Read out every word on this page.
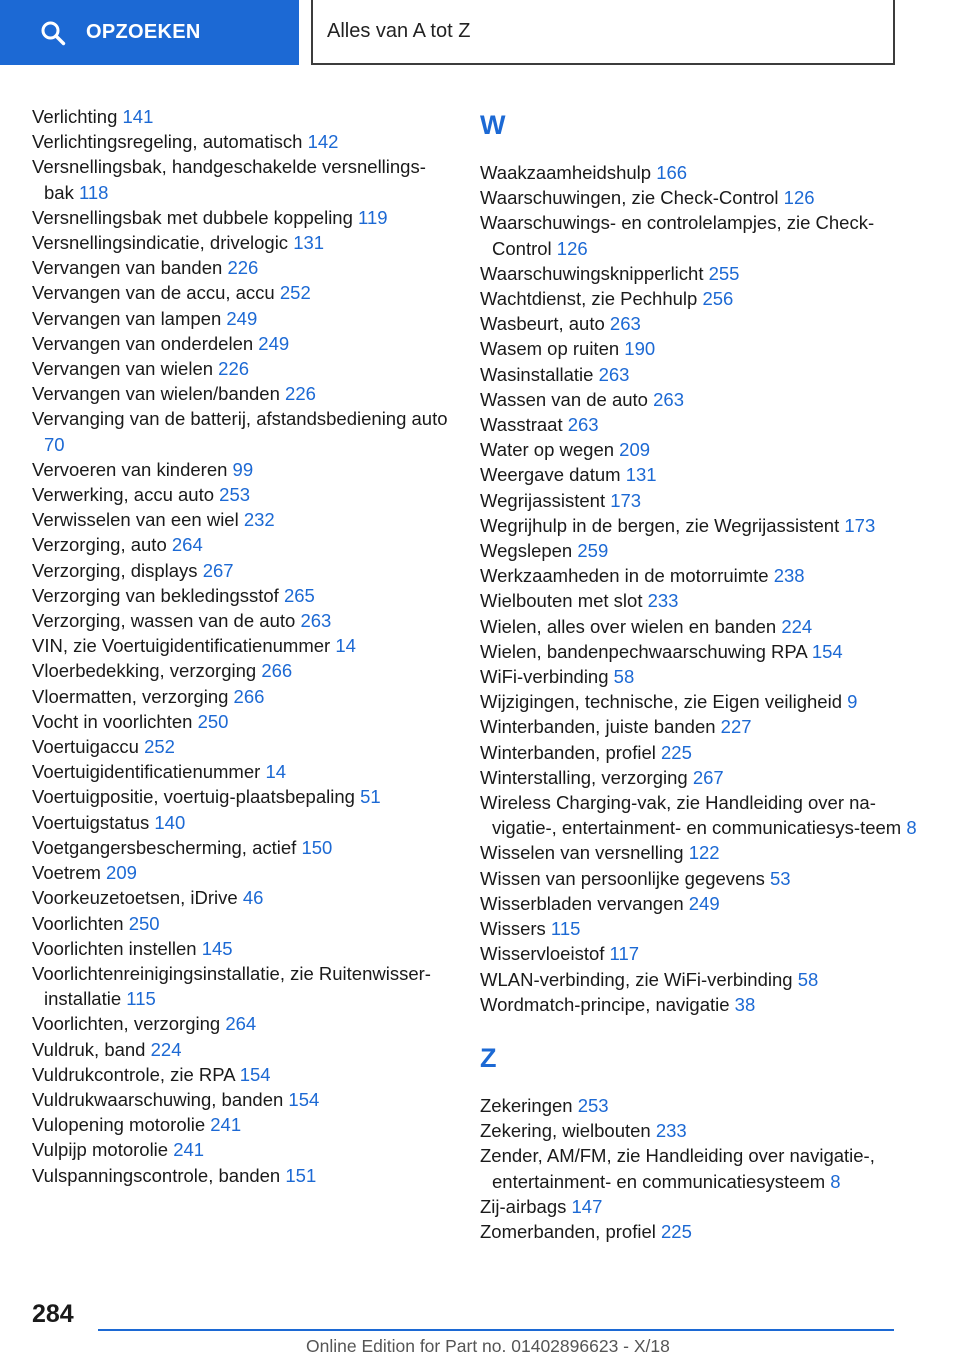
OPZOEKEN	Alles van A tot Z
Verlichting 141
Verlichtingsregeling, automatisch 142
Versnellingsbak, handgeschakelde versnellings-bak 118
Versnellingsbak met dubbele koppeling 119
Versnellingsindicatie, drivelogic 131
Vervangen van banden 226
Vervangen van de accu, accu 252
Vervangen van lampen 249
Vervangen van onderdelen 249
Vervangen van wielen 226
Vervangen van wielen/banden 226
Vervanging van de batterij, afstandsbediening auto 70
Vervoeren van kinderen 99
Verwerking, accu auto 253
Verwisselen van een wiel 232
Verzorging, auto 264
Verzorging, displays 267
Verzorging van bekledingsstof 265
Verzorging, wassen van de auto 263
VIN, zie Voertuigidentificatienummer 14
Vloerbedekking, verzorging 266
Vloermatten, verzorging 266
Vocht in voorlichten 250
Voertuigaccu 252
Voertuigidentificatienummer 14
Voertuigpositie, voertuig-plaatsbepaling 51
Voertuigstatus 140
Voetgangersbescherming, actief 150
Voetrem 209
Voorkeuzetoetsen, iDrive 46
Voorlichten 250
Voorlichten instellen 145
Voorlichtenreinigingsinstallatie, zie Ruitenwisser-installatie 115
Voorlichten, verzorging 264
Vuldruk, band 224
Vuldrukcontrole, zie RPA 154
Vuldrukwaarschuwing, banden 154
Vulopening motorolie 241
Vulpijp motorolie 241
Vulspanningscontrole, banden 151
W
Waakzaamheidshulp 166
Waarschuwingen, zie Check-Control 126
Waarschuwings- en controlelampjes, zie Check-Control 126
Waarschuwingsknipperlicht 255
Wachtdienst, zie Pechhulp 256
Wasbeurt, auto 263
Wasem op ruiten 190
Wasinstallatie 263
Wassen van de auto 263
Wasstraat 263
Water op wegen 209
Weergave datum 131
Wegrijassistent 173
Wegrijhulp in de bergen, zie Wegrijassistent 173
Wegslepen 259
Werkzaamheden in de motorruimte 238
Wielbouten met slot 233
Wielen, alles over wielen en banden 224
Wielen, bandenpechwaarschuwing RPA 154
WiFi-verbinding 58
Wijzigingen, technische, zie Eigen veiligheid 9
Winterbanden, juiste banden 227
Winterbanden, profiel 225
Winterstalling, verzorging 267
Wireless Charging-vak, zie Handleiding over na-vigatie-, entertainment- en communicatiesys-teem 8
Wisselen van versnelling 122
Wissen van persoonlijke gegevens 53
Wisserbladen vervangen 249
Wissers 115
Wisservloeistof 117
WLAN-verbinding, zie WiFi-verbinding 58
Wordmatch-principe, navigatie 38
Z
Zekeringen 253
Zekering, wielbouten 233
Zender, AM/FM, zie Handleiding over navigatie-, entertainment- en communicatiesysteem 8
Zij-airbags 147
Zomerbanden, profiel 225
284
Online Edition for Part no. 01402896623 - X/18
